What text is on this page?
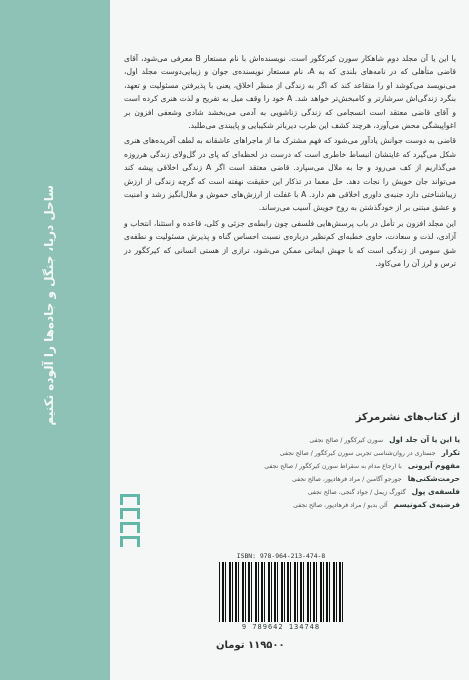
ساحل دریا، جنگل و جاده‌ها را آلوده نکنیم

یا این یا آن مجلد دوم شاهکار سورن کیرکگور است. نویسنده‌اش با نام مستعار B معرفی می‌شود، آقای قاضی متأهلی که در نامه‌های بلندی که به A، نام مستعار نویسنده‌ی جوان و زیبایی‌دوست مجلد اول، می‌نویسد می‌کوشد او را متقاعد کند که اگر به زندگی از منظر اخلاق، یعنی با پذیرفتن مسئولیت و تعهد، بنگرد زندگی‌اش سرشارتر و کامبخش‌تر خواهد شد. A خود را وقف میل به تفریح و لذت هنری کرده است و آقای قاضی معتقد است انسجامی که زندگی زناشویی به آدمی می‌بخشد شادی وشعفی افزون بر اغواپیشگی محض می‌آورد، هرچند کشف این طرب دیرباتر شکیبایی و پایبندی می‌طلبد.

قاضی به دوست جوانش یادآور می‌شود که فهم مشترک ما از ماجراهای عاشقانه به لطف آفریده‌های هنری شکل می‌گیرد که غایتشان انبساط خاطری است که درست در لحظه‌ای که پای در گل‌ولای زندگی هرروزه می‌گذاریم از کف می‌رود و جا به ملال می‌سپارد. قاضی معتقد است اگر A زندگی اخلاقی پیشه کند می‌تواند جان خویش را نجات دهد. حل معما در تذکار این حقیقت نهفته است که گرچه زندگی از ارزش زیباشناختی دارد جنبه‌ی داوری اخلاقی هم دارد. A با غفلت از ارزش‌های خموش و ملال‌انگیز رشد و امنیت و عشق مبتنی بر از خودگذشتن به روح خویش آسیب می‌رساند.

این مجلد افزون بر تأمل در باب پرسش‌هایی فلسفی چون رابطه‌ی جزئی و کلی، قاعده و استثنا، انتخاب و آزادی، لذت و سعادت، حاوی خطبه‌ای کم‌نظیر درباره‌ی نسبت احساس گناه و پذیرش مسئولیت و نطفه‌ی شق سومی از زندگی است که با جهش ایمانی ممکن می‌شود، ترازی از هستی انسانی که کیرکگور در ترس و لرز آن را می‌کاود.

از کتاب‌های نشرمرکز
یا این یا آن جلد اول
سورن کیرکگور / صالح نجفی
تکرار
جستاری در روان‌شناسی تجربی سورن کیرکگور / صالح نجفی
مفهوم آیرونی
با ارجاع مدام به سقراط سورن کیرکگور / صالح نجفی
حرمت‌شکنی‌ها
جورجو آگامبن / مراد فرهادپور، صالح نجفی
فلسفه‌ی پول
گئورگ زیمل / جواد گنجی، صالح نجفی
فرضیه‌ی کمونیسم
آلن بدیو / مراد فرهادپور، صالح نجفی
ISBN: 978-964-213-474-8
9 789642 134748
۱۱۹۵۰۰ تومان
